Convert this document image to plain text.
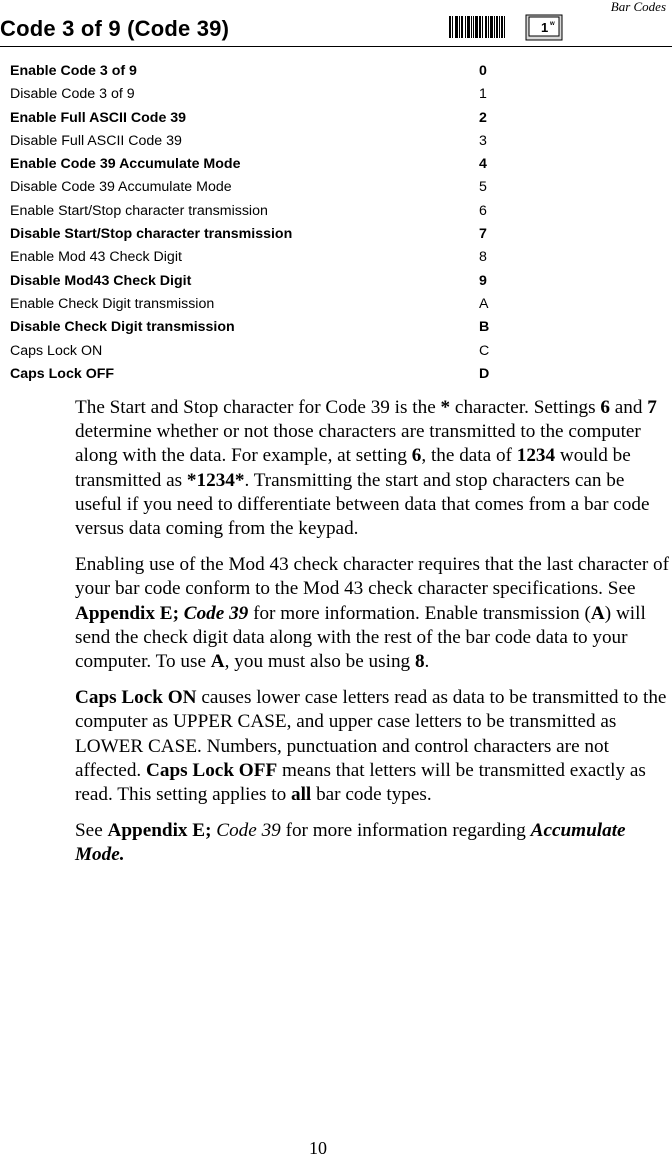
Code 3 of 9 (Code 39)
Bar Codes
1 w
Enable Code 3 of 9	0
Disable Code 3 of 9	1
Enable Full ASCII Code 39	2
Disable Full ASCII Code 39	3
Enable Code 39 Accumulate Mode	4
Disable Code 39 Accumulate Mode	5
Enable Start/Stop character transmission	6
Disable Start/Stop character transmission	7
Enable Mod 43 Check Digit	8
Disable Mod43 Check Digit	9
Enable Check Digit transmission	A
Disable Check Digit transmission	B
Caps Lock ON	C
Caps Lock OFF	D

The Start and Stop character for Code 39 is the * character. Settings 6 and 7 determine whether or not those characters are transmitted to the computer along with the data. For example, at setting 6, the data of 1234 would be transmitted as *1234*. Transmitting the start and stop characters can be useful if you need to differentiate between data that comes from a bar code versus data coming from the keypad.

Enabling use of the Mod 43 check character requires that the last character of your bar code conform to the Mod 43 check character specifications. See Appendix E; Code 39 for more information. Enable transmission (A) will send the check digit data along with the rest of the bar code data to your computer. To use A, you must also be using 8.

Caps Lock ON causes lower case letters read as data to be transmitted to the computer as UPPER CASE, and upper case letters to be transmitted as LOWER CASE. Numbers, punctuation and control characters are not affected. Caps Lock OFF means that letters will be transmitted exactly as read. This setting applies to all bar code types.

See Appendix E; Code 39 for more information regarding Accumulate Mode.

10
